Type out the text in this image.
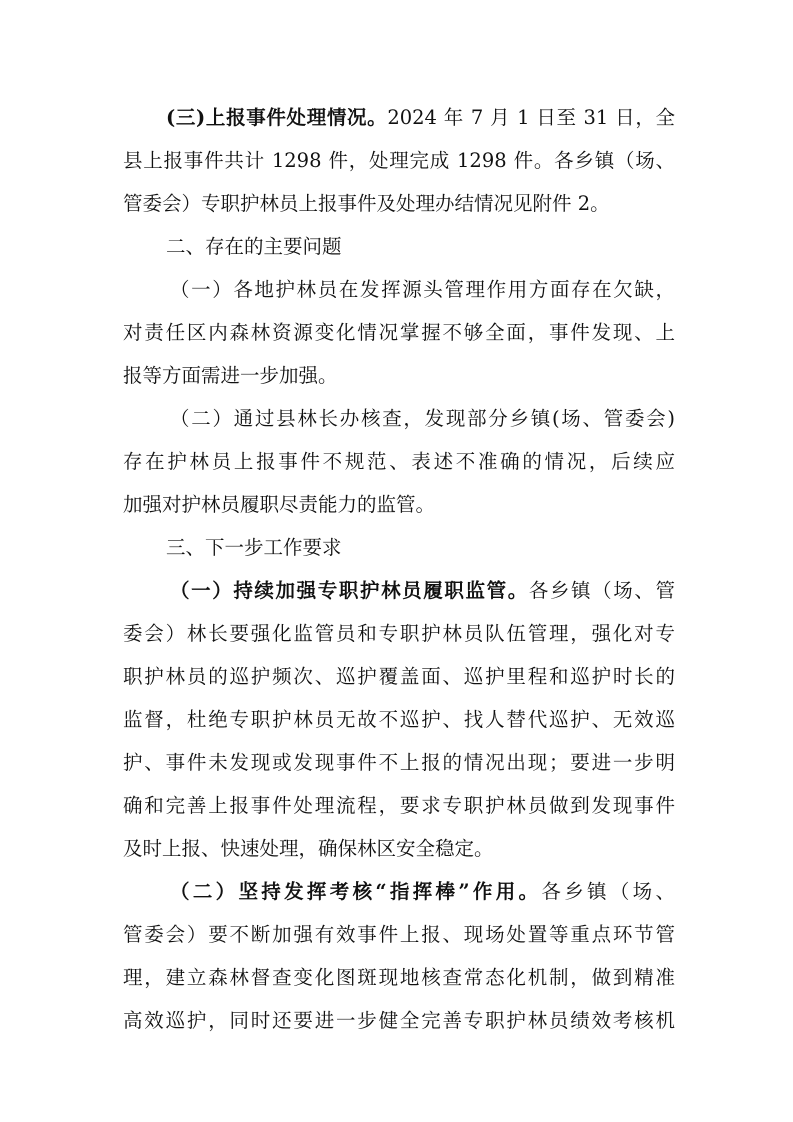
(三)上报事件处理情况。2024 年 7 月 1 日至 31 日，全
县上报事件共计 1298 件，处理完成 1298 件。各乡镇（场、
管委会）专职护林员上报事件及处理办结情况见附件 2。
二、存在的主要问题
（一）各地护林员在发挥源头管理作用方面存在欠缺，
对责任区内森林资源变化情况掌握不够全面，事件发现、上
报等方面需进一步加强。
（二）通过县林长办核查，发现部分乡镇(场、管委会)
存在护林员上报事件不规范、表述不准确的情况，后续应
加强对护林员履职尽责能力的监管。
三、下一步工作要求
（一）持续加强专职护林员履职监管。各乡镇（场、管
委会）林长要强化监管员和专职护林员队伍管理，强化对专
职护林员的巡护频次、巡护覆盖面、巡护里程和巡护时长的
监督，杜绝专职护林员无故不巡护、找人替代巡护、无效巡
护、事件未发现或发现事件不上报的情况出现；要进一步明
确和完善上报事件处理流程，要求专职护林员做到发现事件
及时上报、快速处理，确保林区安全稳定。
（二）坚持发挥考核“指挥棒”作用。各乡镇（场、
管委会）要不断加强有效事件上报、现场处置等重点环节管
理，建立森林督查变化图斑现地核查常态化机制，做到精准
高效巡护，同时还要进一步健全完善专职护林员绩效考核机
